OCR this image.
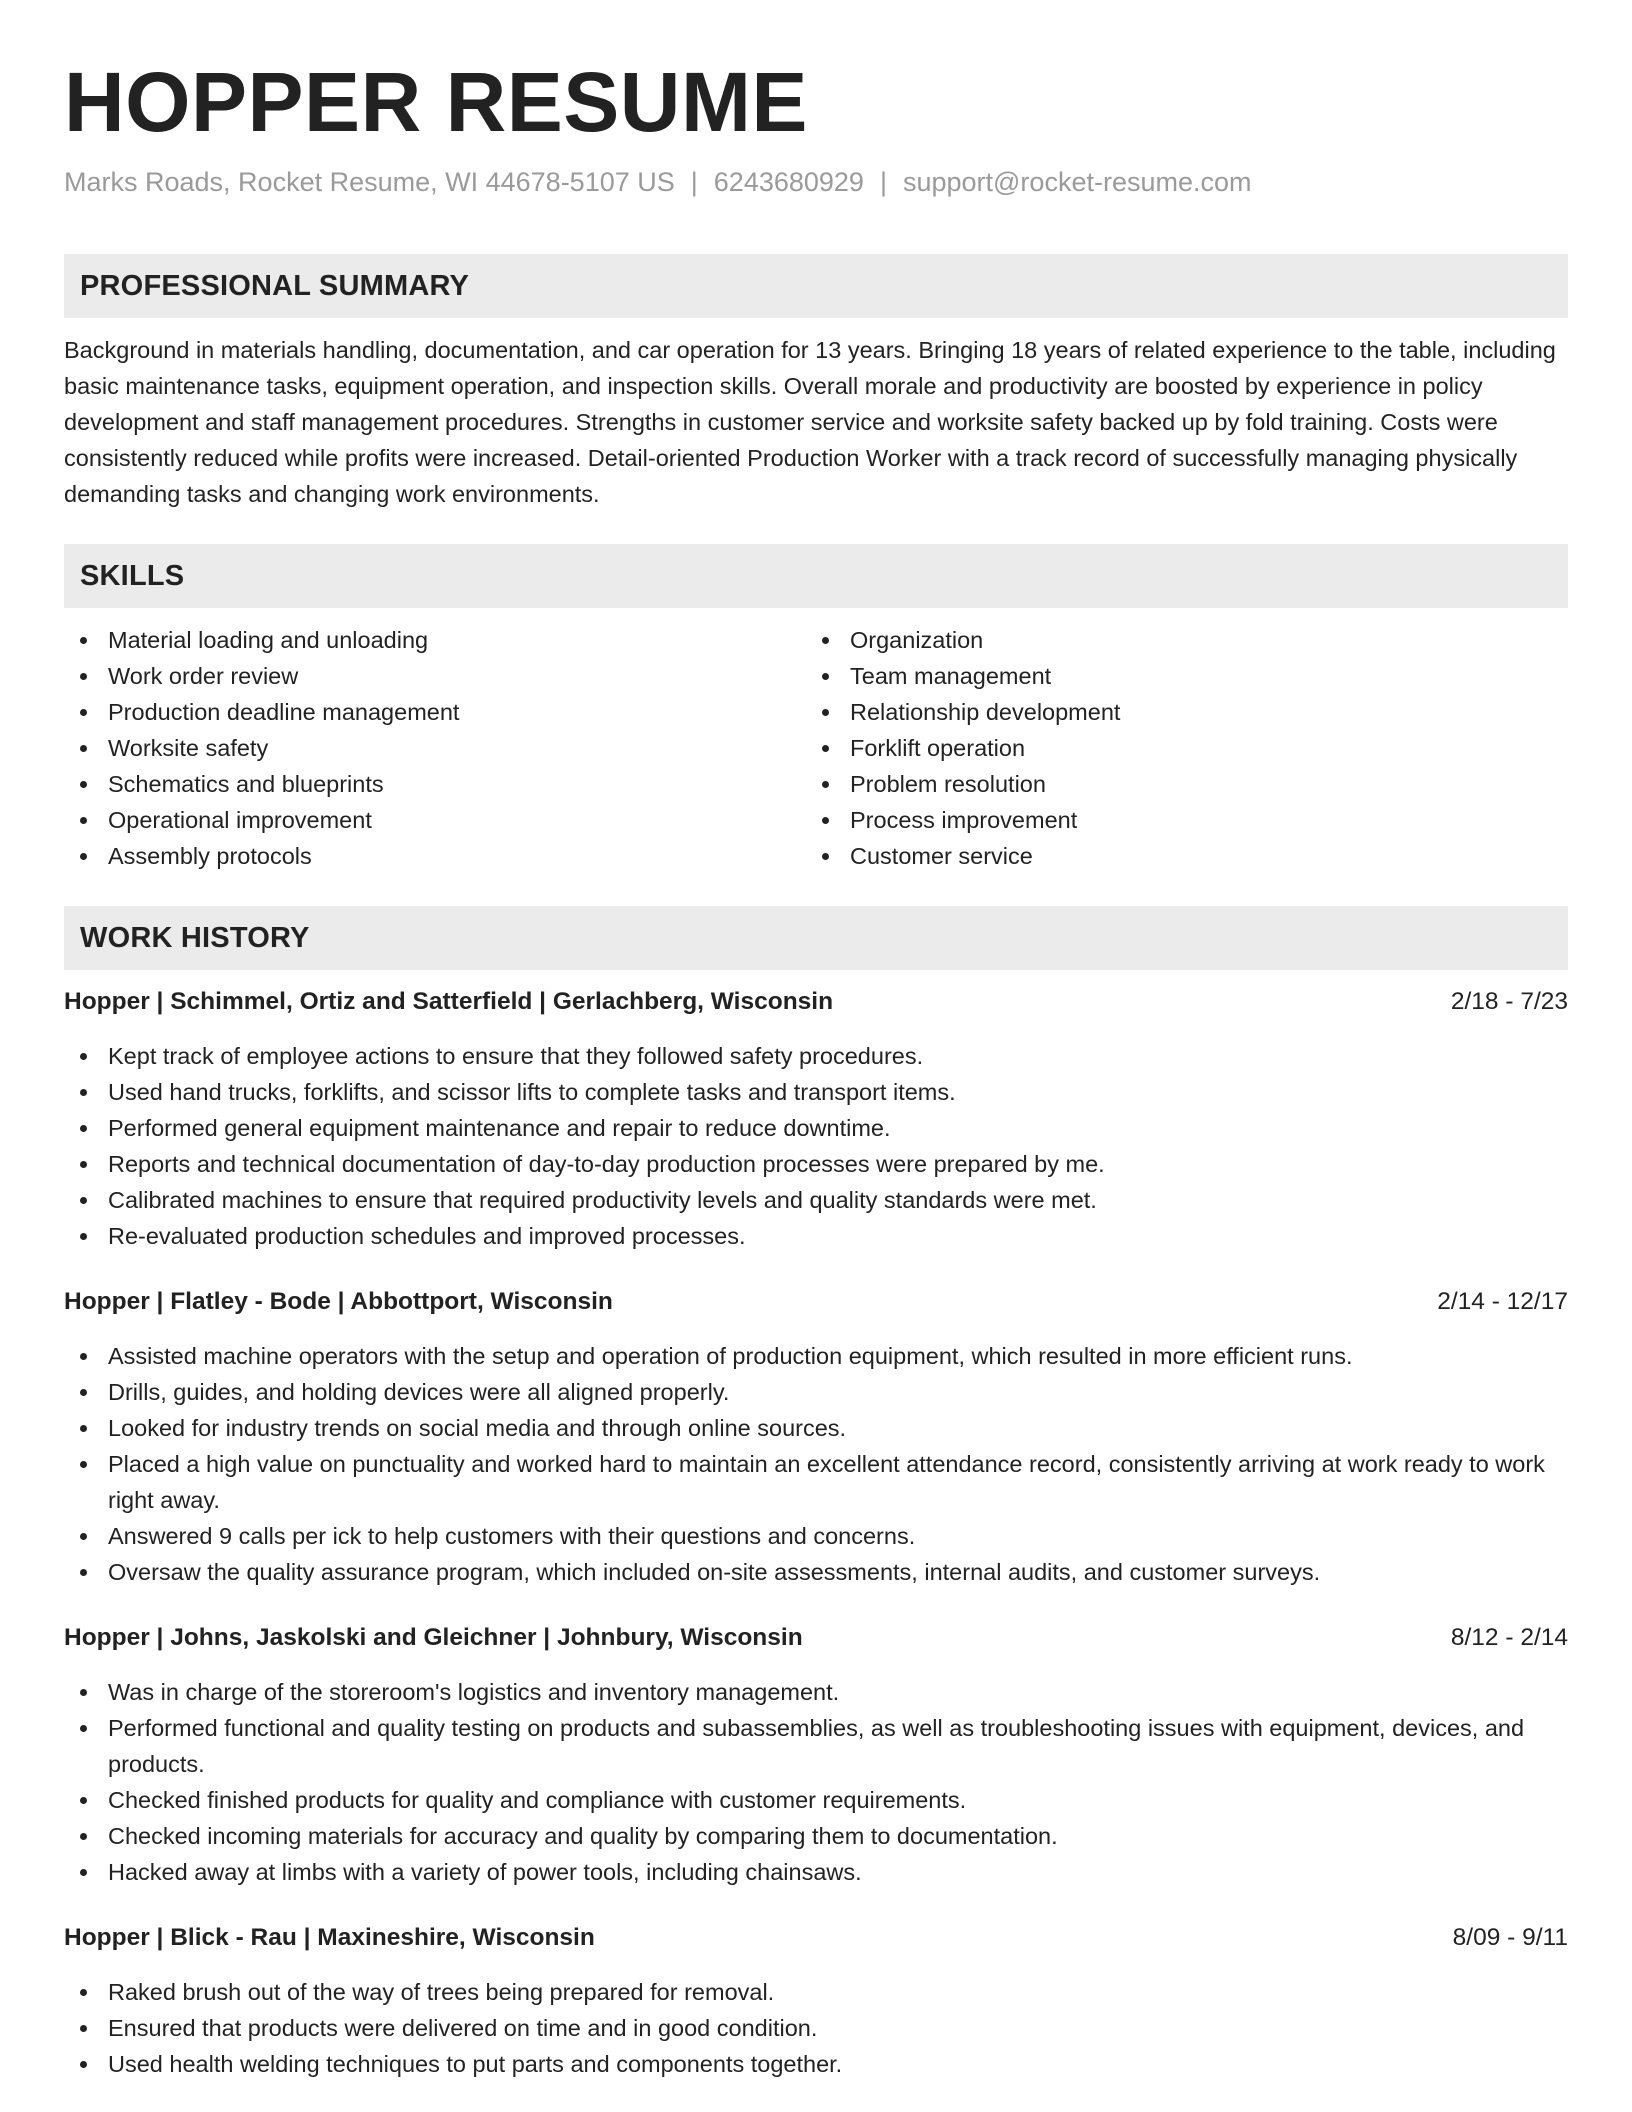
HOPPER RESUME
Marks Roads, Rocket Resume, WI 44678-5107 US | 6243680929 | support@rocket-resume.com
PROFESSIONAL SUMMARY
Background in materials handling, documentation, and car operation for 13 years. Bringing 18 years of related experience to the table, including basic maintenance tasks, equipment operation, and inspection skills. Overall morale and productivity are boosted by experience in policy development and staff management procedures. Strengths in customer service and worksite safety backed up by fold training. Costs were consistently reduced while profits were increased. Detail-oriented Production Worker with a track record of successfully managing physically demanding tasks and changing work environments.
SKILLS
Material loading and unloading
Work order review
Production deadline management
Worksite safety
Schematics and blueprints
Operational improvement
Assembly protocols
Organization
Team management
Relationship development
Forklift operation
Problem resolution
Process improvement
Customer service
WORK HISTORY
Hopper | Schimmel, Ortiz and Satterfield | Gerlachberg, Wisconsin	2/18 - 7/23
Kept track of employee actions to ensure that they followed safety procedures.
Used hand trucks, forklifts, and scissor lifts to complete tasks and transport items.
Performed general equipment maintenance and repair to reduce downtime.
Reports and technical documentation of day-to-day production processes were prepared by me.
Calibrated machines to ensure that required productivity levels and quality standards were met.
Re-evaluated production schedules and improved processes.
Hopper | Flatley - Bode | Abbottport, Wisconsin	2/14 - 12/17
Assisted machine operators with the setup and operation of production equipment, which resulted in more efficient runs.
Drills, guides, and holding devices were all aligned properly.
Looked for industry trends on social media and through online sources.
Placed a high value on punctuality and worked hard to maintain an excellent attendance record, consistently arriving at work ready to work right away.
Answered 9 calls per ick to help customers with their questions and concerns.
Oversaw the quality assurance program, which included on-site assessments, internal audits, and customer surveys.
Hopper | Johns, Jaskolski and Gleichner | Johnbury, Wisconsin	8/12 - 2/14
Was in charge of the storeroom's logistics and inventory management.
Performed functional and quality testing on products and subassemblies, as well as troubleshooting issues with equipment, devices, and products.
Checked finished products for quality and compliance with customer requirements.
Checked incoming materials for accuracy and quality by comparing them to documentation.
Hacked away at limbs with a variety of power tools, including chainsaws.
Hopper | Blick - Rau | Maxineshire, Wisconsin	8/09 - 9/11
Raked brush out of the way of trees being prepared for removal.
Ensured that products were delivered on time and in good condition.
Used health welding techniques to put parts and components together.
